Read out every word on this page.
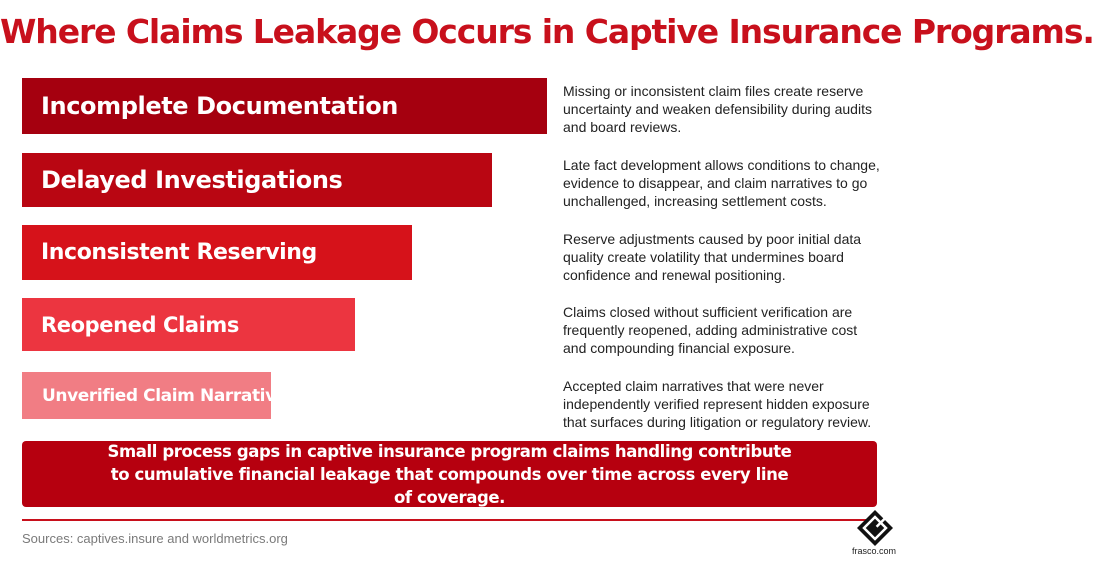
Where Claims Leakage Occurs in Captive Insurance Programs.
Incomplete Documentation
Missing or inconsistent claim files create reserve uncertainty and weaken defensibility during audits and board reviews.
Delayed Investigations
Late fact development allows conditions to change, evidence to disappear, and claim narratives to go unchallenged, increasing settlement costs.
Inconsistent Reserving
Reserve adjustments caused by poor initial data quality create volatility that undermines board confidence and renewal positioning.
Reopened Claims
Claims closed without sufficient verification are frequently reopened, adding administrative cost and compounding financial exposure.
Unverified Claim Narratives	Accepted claim narratives that were never independently verified represent hidden exposure that surfaces during litigation or regulatory review.
Small process gaps in captive insurance program claims handling contribute to cumulative financial leakage that compounds over time across every line of coverage.
Sources: captives.insure and worldmetrics.org
frasco.com
